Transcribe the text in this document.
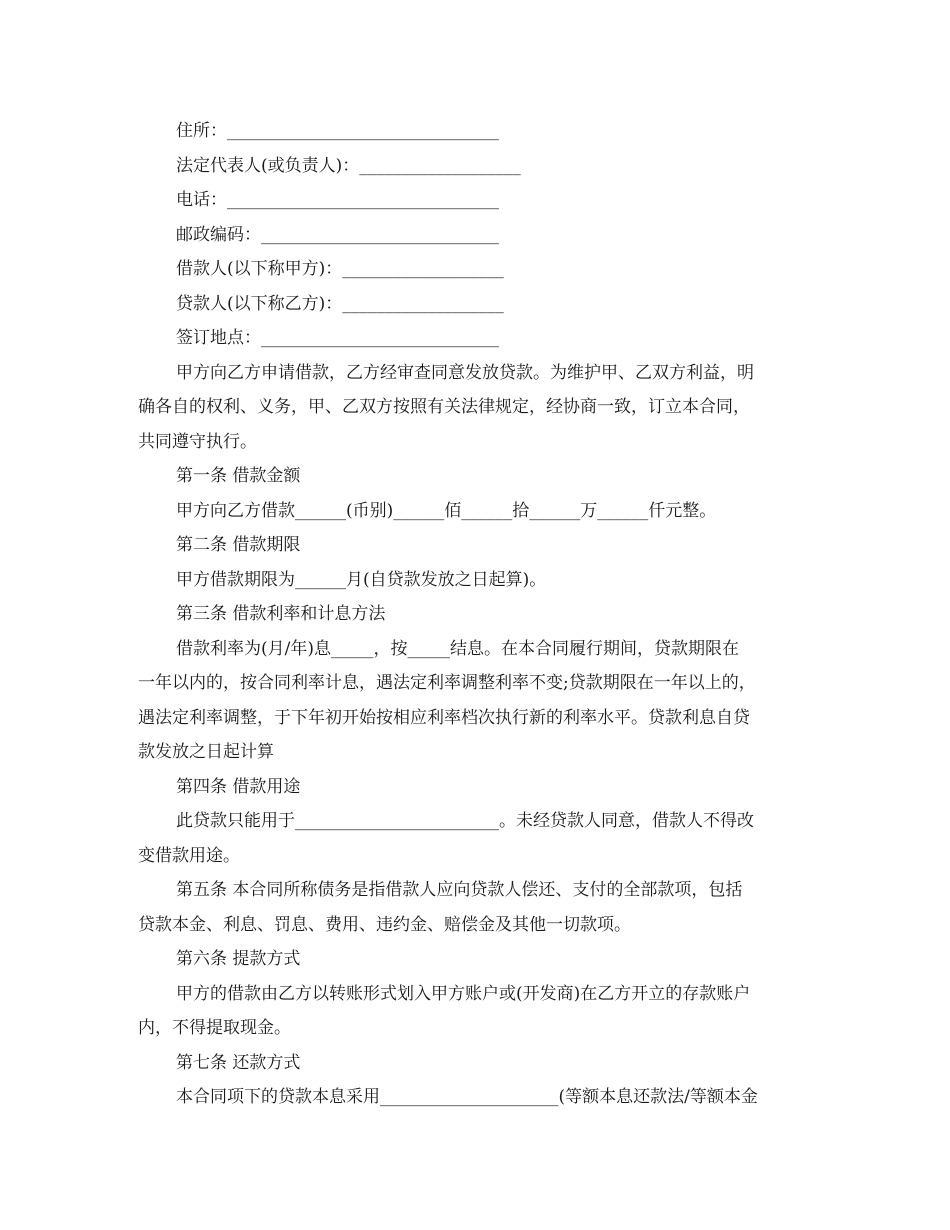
住所：________________________________

法定代表人(或负责人)：___________________

电话：________________________________

邮政编码：____________________________

借款人(以下称甲方)：___________________

贷款人(以下称乙方)：___________________

签订地点：____________________________

甲方向乙方申请借款，乙方经审查同意发放贷款。为维护甲、乙双方利益，明

确各自的权利、义务，甲、乙双方按照有关法律规定，经协商一致，订立本合同，

共同遵守执行。

第一条 借款金额

甲方向乙方借款______(币别)______佰______拾______万______仟元整。

第二条 借款期限

甲方借款期限为______月(自贷款发放之日起算)。

第三条 借款利率和计息方法

借款利率为(月/年)息_____，按_____结息。在本合同履行期间，贷款期限在

一年以内的，按合同利率计息，遇法定利率调整利率不变;贷款期限在一年以上的，

遇法定利率调整，于下年初开始按相应利率档次执行新的利率水平。贷款利息自贷

款发放之日起计算

第四条 借款用途

此贷款只能用于________________________。未经贷款人同意，借款人不得改

变借款用途。

第五条 本合同所称债务是指借款人应向贷款人偿还、支付的全部款项，包括

贷款本金、利息、罚息、费用、违约金、赔偿金及其他一切款项。

第六条 提款方式

甲方的借款由乙方以转账形式划入甲方账户或(开发商)在乙方开立的存款账户

内，不得提取现金。

第七条 还款方式

本合同项下的贷款本息采用_____________________(等额本息还款法/等额本金
